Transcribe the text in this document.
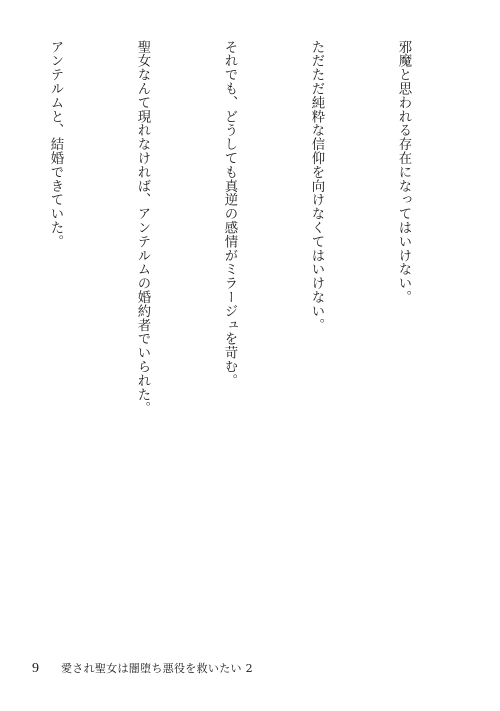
邪魔と思われる存在になってはいけない。

ただただ純粋な信仰を向けなくてはいけない。

それでも、どうしても真逆の感情がミラージュを苛む。

聖女なんて現れなければ、アンテルムの婚約者でいられた。

アンテルムと、結婚できていた。

9 愛され聖女は闇堕ち悪役を救いたい 2
